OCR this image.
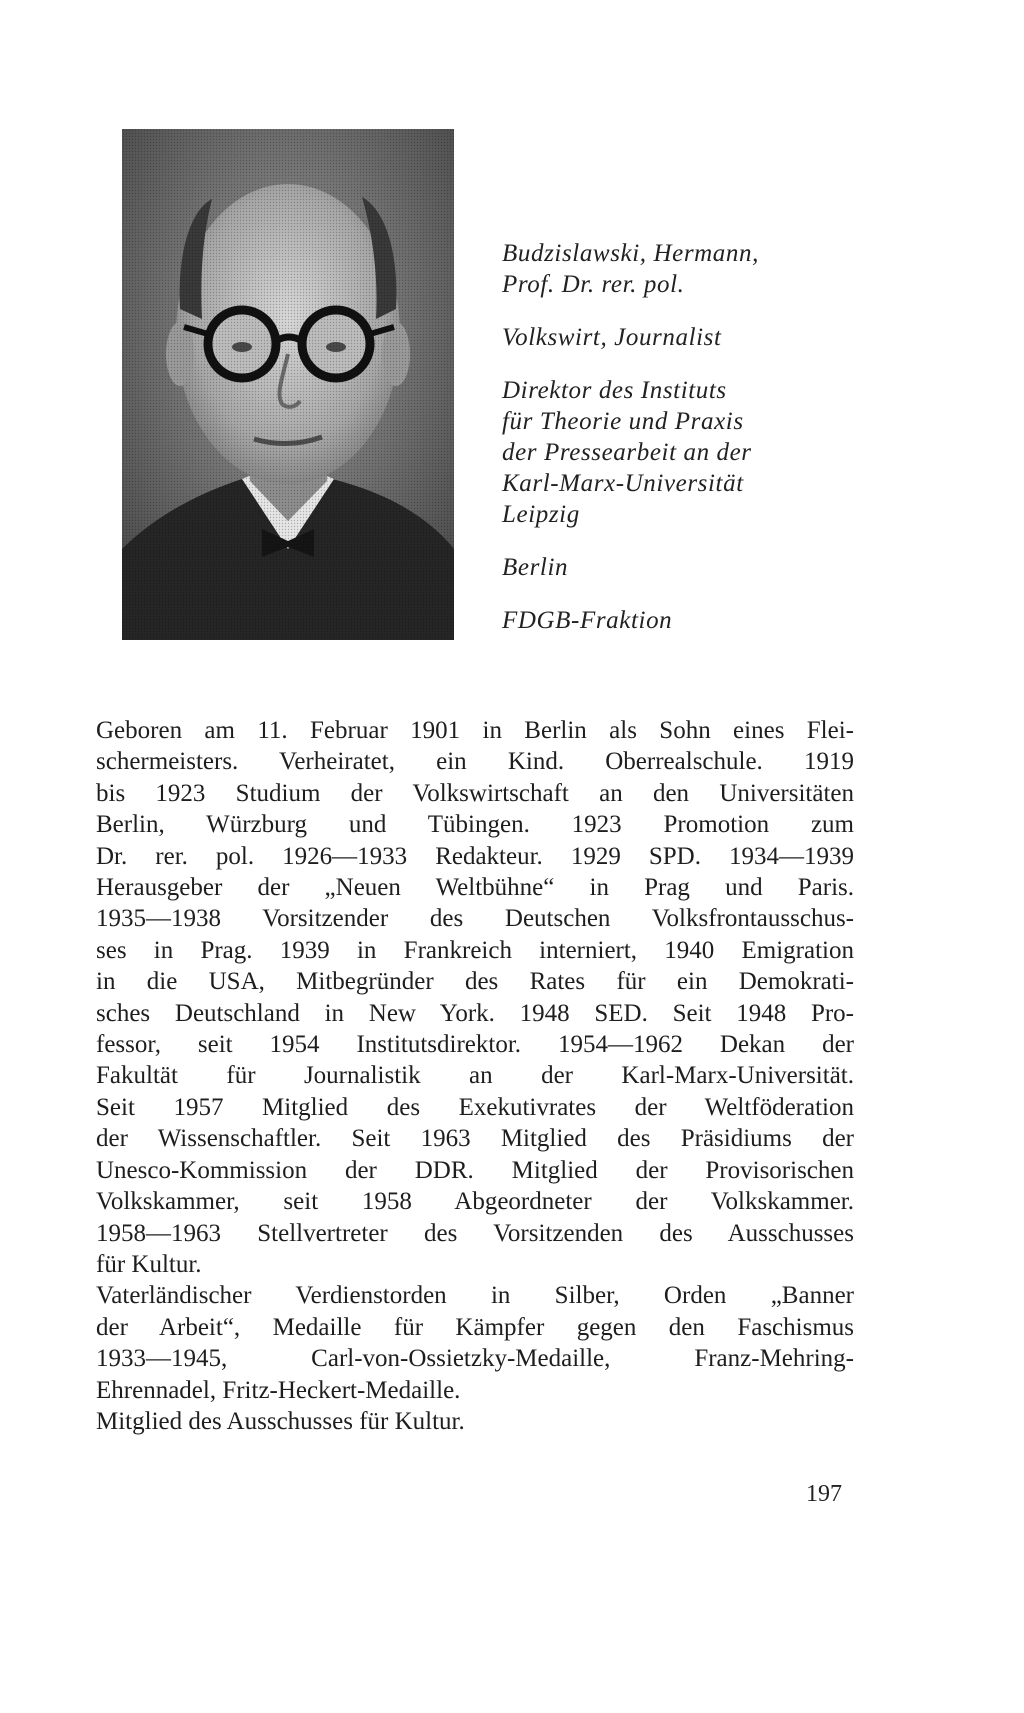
Budzislawski, Hermann,
Prof. Dr. rer. pol.
Volkswirt, Journalist
Direktor des Instituts
für Theorie und Praxis
der Pressearbeit an der
Karl-Marx-Universität
Leipzig
Berlin
FDGB-Fraktion
Geboren am 11. Februar 1901 in Berlin als Sohn eines Flei-
schermeisters. Verheiratet, ein Kind. Oberrealschule. 1919
bis 1923 Studium der Volkswirtschaft an den Universitäten
Berlin, Würzburg und Tübingen. 1923 Promotion zum
Dr. rer. pol. 1926—1933 Redakteur. 1929 SPD. 1934—1939
Herausgeber der „Neuen Weltbühne“ in Prag und Paris.
1935—1938 Vorsitzender des Deutschen Volksfrontausschus-
ses in Prag. 1939 in Frankreich interniert, 1940 Emigration
in die USA, Mitbegründer des Rates für ein Demokrati-
sches Deutschland in New York. 1948 SED. Seit 1948 Pro-
fessor, seit 1954 Institutsdirektor. 1954—1962 Dekan der
Fakultät für Journalistik an der Karl-Marx-Universität.
Seit 1957 Mitglied des Exekutivrates der Weltföderation
der Wissenschaftler. Seit 1963 Mitglied des Präsidiums der
Unesco-Kommission der DDR. Mitglied der Provisorischen
Volkskammer, seit 1958 Abgeordneter der Volkskammer.
1958—1963 Stellvertreter des Vorsitzenden des Ausschusses
für Kultur.
Vaterländischer Verdienstorden in Silber, Orden „Banner
der Arbeit“, Medaille für Kämpfer gegen den Faschismus
1933—1945, Carl-von-Ossietzky-Medaille, Franz-Mehring-
Ehrennadel, Fritz-Heckert-Medaille.
Mitglied des Ausschusses für Kultur.
197
